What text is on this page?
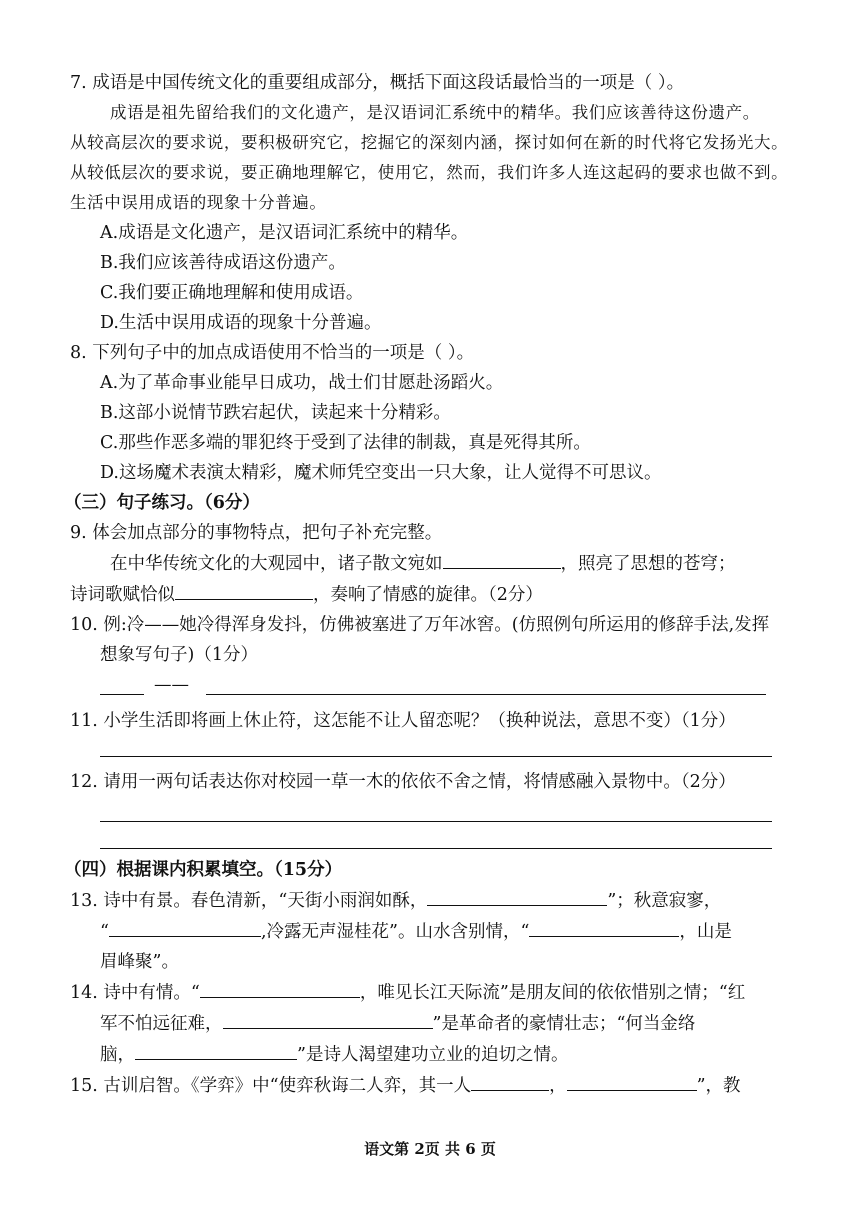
7. 成语是中国传统文化的重要组成部分，概括下面这段话最恰当的一项是（ ）。
成语是祖先留给我们的文化遗产，是汉语词汇系统中的精华。我们应该善待这份遗产。
从较高层次的要求说，要积极研究它，挖掘它的深刻内涵，探讨如何在新的时代将它发扬光大。
从较低层次的要求说，要正确地理解它，使用它，然而，我们许多人连这起码的要求也做不到。
生活中误用成语的现象十分普遍。
A.成语是文化遗产，是汉语词汇系统中的精华。
B.我们应该善待成语这份遗产。
C.我们要正确地理解和使用成语。
D.生活中误用成语的现象十分普遍。
8. 下列句子中的加点成语使用不恰当的一项是（ ）。
A.为了革命事业能早日成功，战士们甘愿赴汤蹈火。
B.这部小说情节跌宕起伏，读起来十分精彩。
C.那些作恶多端的罪犯终于受到了法律的制裁，真是死得其所。
D.这场魔术表演太精彩，魔术师凭空变出一只大象，让人觉得不可思议。
（三）句子练习。（6分）
9. 体会加点部分的事物特点，把句子补充完整。
在中华传统文化的大观园中，诸子散文宛如	，照亮了思想的苍穹；
诗词歌赋恰似	，奏响了情感的旋律。（2分）
10. 例:冷——她冷得浑身发抖，仿佛被塞进了万年冰窖。(仿照例句所运用的修辞手法,发挥
想象写句子)（1分）
——
11. 小学生活即将画上休止符，这怎能不让人留恋呢？（换种说法，意思不变）（1分）
12. 请用一两句话表达你对校园一草一木的依依不舍之情，将情感融入景物中。（2分）
（四）根据课内积累填空。（15分）
13. 诗中有景。春色清新，“天街小雨润如酥，	”；秋意寂寥，
“	,冷露无声湿桂花”。山水含别情，“	，山是
眉峰聚”。
14. 诗中有情。“	，唯见长江天际流”是朋友间的依依惜别之情；“红
军不怕远征难，	”是革命者的豪情壮志；“何当金络
脑，	”是诗人渴望建功立业的迫切之情。
15. 古训启智。《学弈》中“使弈秋诲二人弈，其一人	，	”，教
语文第 2页 共 6 页
